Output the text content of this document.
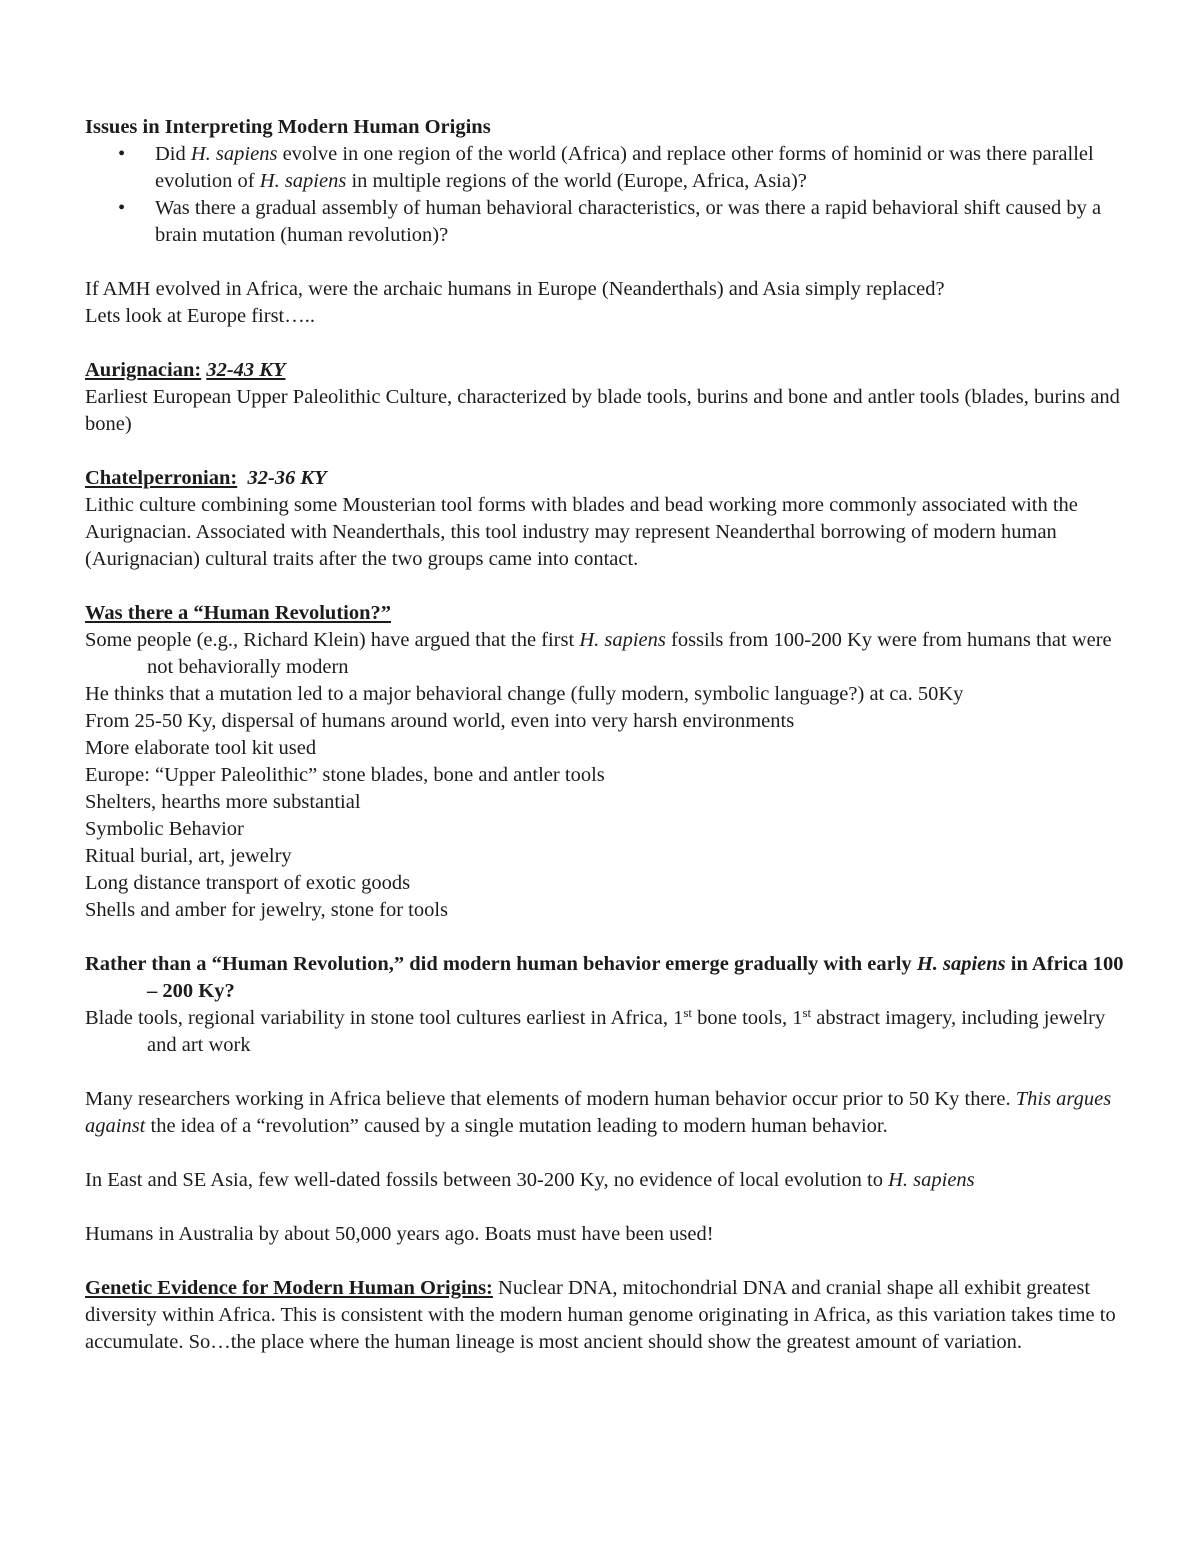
Issues in Interpreting Modern Human Origins

• Did H. sapiens evolve in one region of the world (Africa) and replace other forms of hominid or was there parallel evolution of H. sapiens in multiple regions of the world (Europe, Africa, Asia)?
• Was there a gradual assembly of human behavioral characteristics, or was there a rapid behavioral shift caused by a brain mutation (human revolution)?

If AMH evolved in Africa, were the archaic humans in Europe (Neanderthals) and Asia simply replaced?

Lets look at Europe first…..

Aurignacian: 32-43 KY

Earliest European Upper Paleolithic Culture, characterized by blade tools, burins and bone and antler tools (blades, burins and bone)

Chatelperronian: 32-36 KY

Lithic culture combining some Mousterian tool forms with blades and bead working more commonly associated with the Aurignacian. Associated with Neanderthals, this tool industry may represent Neanderthal borrowing of modern human (Aurignacian) cultural traits after the two groups came into contact.

Was there a “Human Revolution?”

Some people (e.g., Richard Klein) have argued that the first H. sapiens fossils from 100-200 Ky were from humans that were not behaviorally modern

He thinks that a mutation led to a major behavioral change (fully modern, symbolic language?) at ca. 50Ky

From 25-50 Ky, dispersal of humans around world, even into very harsh environments

More elaborate tool kit used

Europe: “Upper Paleolithic” stone blades, bone and antler tools

Shelters, hearths more substantial

Symbolic Behavior

Ritual burial, art, jewelry

Long distance transport of exotic goods

Shells and amber for jewelry, stone for tools

Rather than a “Human Revolution,” did modern human behavior emerge gradually with early H. sapiens in Africa 100 – 200 Ky?

Blade tools, regional variability in stone tool cultures earliest in Africa, 1st bone tools, 1st abstract imagery, including jewelry and art work

Many researchers working in Africa believe that elements of modern human behavior occur prior to 50 Ky there. This argues against the idea of a “revolution” caused by a single mutation leading to modern human behavior.

In East and SE Asia, few well-dated fossils between 30-200 Ky, no evidence of local evolution to H. sapiens

Humans in Australia by about 50,000 years ago. Boats must have been used!

Genetic Evidence for Modern Human Origins: Nuclear DNA, mitochondrial DNA and cranial shape all exhibit greatest diversity within Africa. This is consistent with the modern human genome originating in Africa, as this variation takes time to accumulate. So…the place where the human lineage is most ancient should show the greatest amount of variation.
